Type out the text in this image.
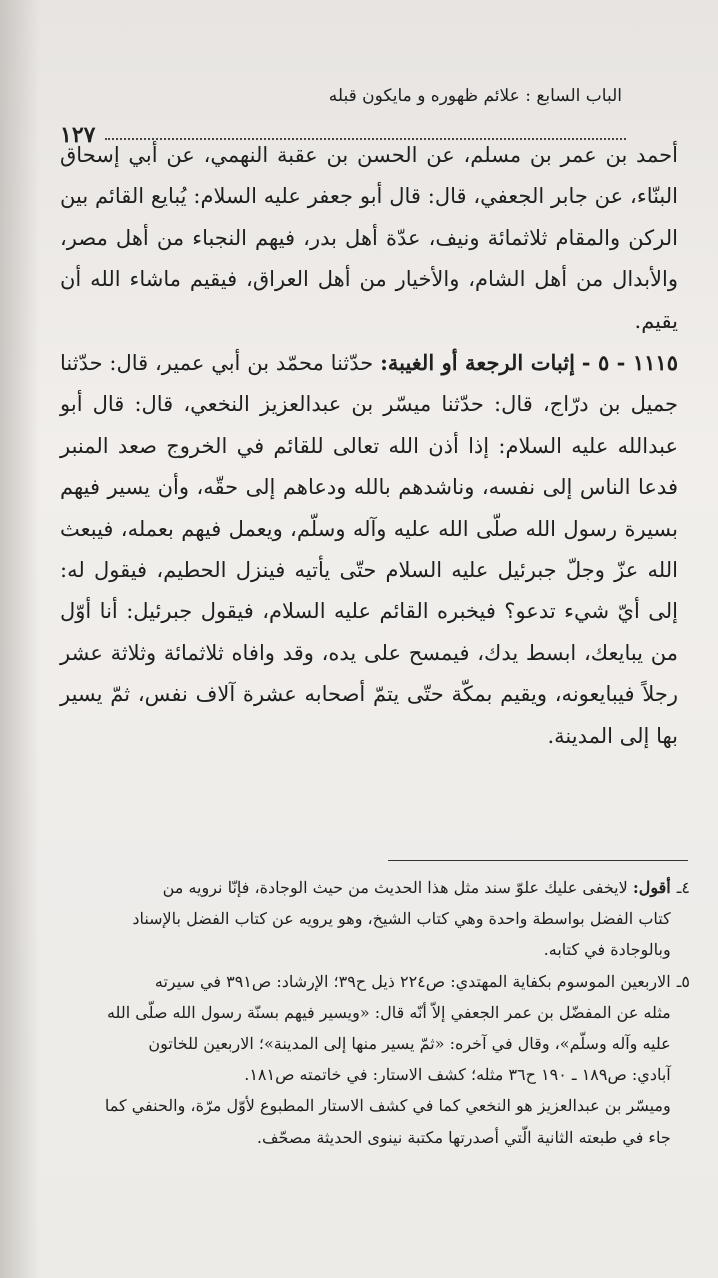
الباب السابع : علائم ظهوره و مايكون قبله
١٢٧

أحمد بن عمر بن مسلم، عن الحسن بن عقبة النهمي، عن أبي إسحاق البنّاء، عن جابر الجعفي، قال: قال أبو جعفر عليه السلام: يُبايع القائم بين الركن والمقام ثلاثمائة ونيف، عدّة أهل بدر، فيهم النجباء من أهل مصر، والأبدال من أهل الشام، والأخيار من أهل العراق، فيقيم ماشاء الله أن يقيم.

١١١٥ - ٥ - إثبات الرجعة أو الغيبة: حدّثنا محمّد بن أبي عمير، قال: حدّثنا جميل بن درّاج، قال: حدّثنا ميسّر بن عبدالعزيز النخعي، قال: قال أبو عبدالله عليه السلام: إذا أذن الله تعالى للقائم في الخروج صعد المنبر فدعا الناس إلى نفسه، وناشدهم بالله ودعاهم إلى حقّه، وأن يسير فيهم بسيرة رسول الله صلّى الله عليه وآله وسلّم، ويعمل فيهم بعمله، فيبعث الله عزّ وجلّ جبرئيل عليه السلام حتّى يأتيه فينزل الحطيم، فيقول له: إلى أيّ شيء تدعو؟ فيخبره القائم عليه السلام، فيقول جبرئيل: أنا أوّل من يبايعك، ابسط يدك، فيمسح على يده، وقد وافاه ثلاثمائة وثلاثة عشر رجلاً فيبايعونه، ويقيم بمكّة حتّى يتمّ أصحابه عشرة آلاف نفس، ثمّ يسير بها إلى المدينة.

٤ـ
أقول: لايخفى عليك علوّ سند مثل هذا الحديث من حيث الوجادة، فإنّا نرويه من
كتاب الفضل بواسطة واحدة وهي كتاب الشيخ، وهو يرويه عن كتاب الفضل بالإسناد
وبالوجادة في كتابه.
٥ـ
الاربعين الموسوم بكفاية المهتدي: ص٢٢٤ ذيل ح٣٩؛ الإرشاد: ص٣٩١ في سيرته
مثله عن المفضّل بن عمر الجعفي إلاّ أنّه قال: «ويسير فيهم بسنّة رسول الله صلّى الله
عليه وآله وسلّم»، وقال في آخره: «ثمّ يسير منها إلى المدينة»؛ الاربعين للخاتون
آبادي: ص١٨٩ ـ ١٩٠ ح٣٦ مثله؛ كشف الاستار: في خاتمته ص١٨١.
وميسّر بن عبدالعزيز هو النخعي كما في كشف الاستار المطبوع لأوّل مرّة، والحنفي كما
جاء في طبعته الثانية الّتي أصدرتها مكتبة نينوى الحديثة مصحّف.
